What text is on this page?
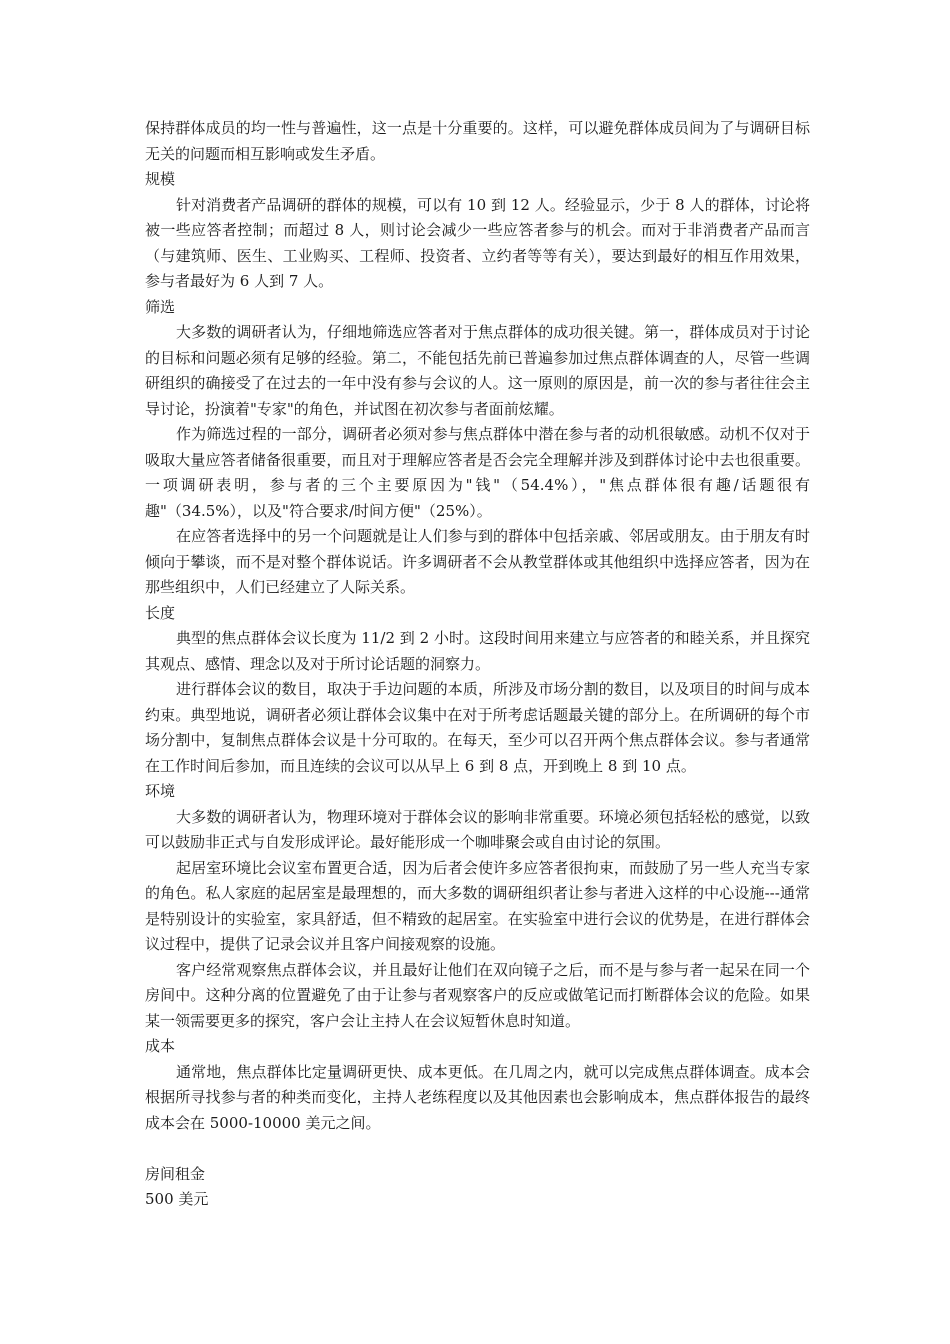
保持群体成员的均一性与普遍性，这一点是十分重要的。这样，可以避免群体成员间为了与调研目标无关的问题而相互影响或发生矛盾。

规模

针对消费者产品调研的群体的规模，可以有 10 到 12 人。经验显示，少于 8 人的群体，讨论将被一些应答者控制；而超过 8 人，则讨论会减少一些应答者参与的机会。而对于非消费者产品而言（与建筑师、医生、工业购买、工程师、投资者、立约者等等有关），要达到最好的相互作用效果，参与者最好为 6 人到 7 人。

筛选

大多数的调研者认为，仔细地筛选应答者对于焦点群体的成功很关键。第一，群体成员对于讨论的目标和问题必须有足够的经验。第二，不能包括先前已普遍参加过焦点群体调查的人，尽管一些调研组织的确接受了在过去的一年中没有参与会议的人。这一原则的原因是，前一次的参与者往往会主导讨论，扮演着"专家"的角色，并试图在初次参与者面前炫耀。

作为筛选过程的一部分，调研者必须对参与焦点群体中潜在参与者的动机很敏感。动机不仅对于吸取大量应答者储备很重要，而且对于理解应答者是否会完全理解并涉及到群体讨论中去也很重要。一项调研表明，参与者的三个主要原因为"钱"（54.4%），"焦点群体很有趣/话题很有趣"（34.5%），以及"符合要求/时间方便"（25%）。

在应答者选择中的另一个问题就是让人们参与到的群体中包括亲戚、邻居或朋友。由于朋友有时倾向于攀谈，而不是对整个群体说话。许多调研者不会从教堂群体或其他组织中选择应答者，因为在那些组织中，人们已经建立了人际关系。

长度

典型的焦点群体会议长度为 11/2 到 2 小时。这段时间用来建立与应答者的和睦关系，并且探究其观点、感情、理念以及对于所讨论话题的洞察力。

进行群体会议的数目，取决于手边问题的本质，所涉及市场分割的数目，以及项目的时间与成本约束。典型地说，调研者必须让群体会议集中在对于所考虑话题最关键的部分上。在所调研的每个市场分割中，复制焦点群体会议是十分可取的。在每天，至少可以召开两个焦点群体会议。参与者通常在工作时间后参加，而且连续的会议可以从早上 6 到 8 点，开到晚上 8 到 10 点。

环境

大多数的调研者认为，物理环境对于群体会议的影响非常重要。环境必须包括轻松的感觉，以致可以鼓励非正式与自发形成评论。最好能形成一个咖啡聚会或自由讨论的氛围。

起居室环境比会议室布置更合适，因为后者会使许多应答者很拘束，而鼓励了另一些人充当专家的角色。私人家庭的起居室是最理想的，而大多数的调研组织者让参与者进入这样的中心设施---通常是特别设计的实验室，家具舒适，但不精致的起居室。在实验室中进行会议的优势是，在进行群体会议过程中，提供了记录会议并且客户间接观察的设施。

客户经常观察焦点群体会议，并且最好让他们在双向镜子之后，而不是与参与者一起呆在同一个房间中。这种分离的位置避免了由于让参与者观察客户的反应或做笔记而打断群体会议的危险。如果某一领需要更多的探究，客户会让主持人在会议短暂休息时知道。

成本

通常地，焦点群体比定量调研更快、成本更低。在几周之内，就可以完成焦点群体调查。成本会根据所寻找参与者的种类而变化，主持人老练程度以及其他因素也会影响成本，焦点群体报告的最终成本会在 5000-10000 美元之间。

房间租金
500 美元
